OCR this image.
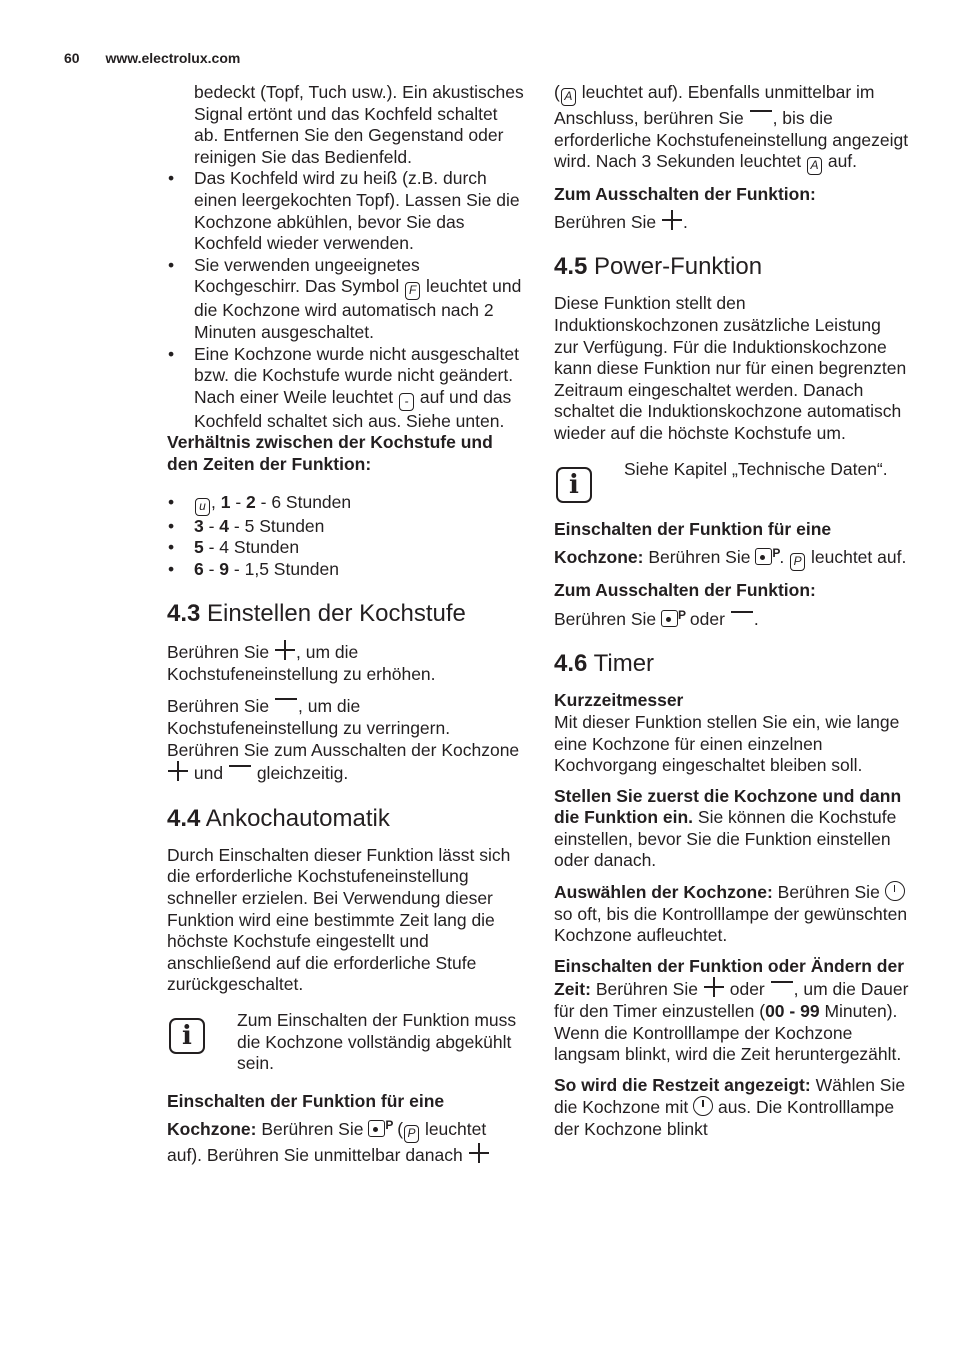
60 www.electrolux.com

bedeckt (Topf, Tuch usw.). Ein akustisches Signal ertönt und das Kochfeld schaltet ab. Entfernen Sie den Gegenstand oder reinigen Sie das Bedienfeld.

• Das Kochfeld wird zu heiß (z.B. durch einen leergekochten Topf). Lassen Sie die Kochzone abkühlen, bevor Sie das Kochfeld wieder verwenden.
• Sie verwenden ungeeignetes Kochgeschirr. Das Symbol F leuchtet und die Kochzone wird automatisch nach 2 Minuten ausgeschaltet.
• Eine Kochzone wurde nicht ausgeschaltet bzw. die Kochstufe wurde nicht geändert. Nach einer Weile leuchtet - auf und das Kochfeld schaltet sich aus. Siehe unten.

Verhältnis zwischen der Kochstufe und den Zeiten der Funktion:

• u , 1 - 2 - 6 Stunden
• 3 - 4 - 5 Stunden
• 5 - 4 Stunden
• 6 - 9 - 1,5 Stunden
4.3 Einstellen der Kochstufe

Berühren Sie , um die Kochstufeneinstellung zu erhöhen.

Berühren Sie , um die Kochstufeneinstellung zu verringern. Berühren Sie zum Ausschalten der Kochzone  und gleichzeitig.

4.4 Ankochautomatik

Durch Einschalten dieser Funktion lässt sich die erforderliche Kochstufeneinstellung schneller erzielen. Bei Verwendung dieser Funktion wird eine bestimmte Zeit lang die höchste Kochstufe eingestellt und anschließend auf die erforderliche Stufe zurückgeschaltet.

i
Zum Einschalten der Funktion muss die Kochzone vollständig abgekühlt sein.

Einschalten der Funktion für eine

Kochzone: Berühren Sie P ( P leuchtet auf). Berühren Sie unmittelbar danach

( A leuchtet auf). Ebenfalls unmittelbar im Anschluss, berühren Sie , bis die erforderliche Kochstufeneinstellung angezeigt wird. Nach 3 Sekunden leuchtet A auf.

Zum Ausschalten der Funktion:

Berühren Sie .

4.5 Power-Funktion

Diese Funktion stellt den Induktionskochzonen zusätzliche Leistung zur Verfügung. Für die Induktionskochzone kann diese Funktion nur für einen begrenzten Zeitraum eingeschaltet werden. Danach schaltet die Induktionskochzone automatisch wieder auf die höchste Kochstufe um.

i
Siehe Kapitel „Technische Daten“.

Einschalten der Funktion für eine

Kochzone: Berühren Sie P
. P leuchtet auf.

Zum Ausschalten der Funktion:

Berühren Sie P oder .

4.6 Timer

Kurzzeitmesser

Mit dieser Funktion stellen Sie ein, wie lange eine Kochzone für einen einzelnen Kochvorgang eingeschaltet bleiben soll.

Stellen Sie zuerst die Kochzone und dann die Funktion ein. Sie können die Kochstufe einstellen, bevor Sie die Funktion einstellen oder danach.

Auswählen der Kochzone: Berühren Sie  so oft, bis die Kontrolllampe der gewünschten Kochzone aufleuchtet.

Einschalten der Funktion oder Ändern der Zeit: Berühren Sie oder , um die Dauer für den Timer einzustellen (00 - 99 Minuten). Wenn die Kontrolllampe der Kochzone langsam blinkt, wird die Zeit heruntergezählt.

So wird die Restzeit angezeigt: Wählen Sie die Kochzone mit aus. Die Kontrolllampe der Kochzone blinkt
